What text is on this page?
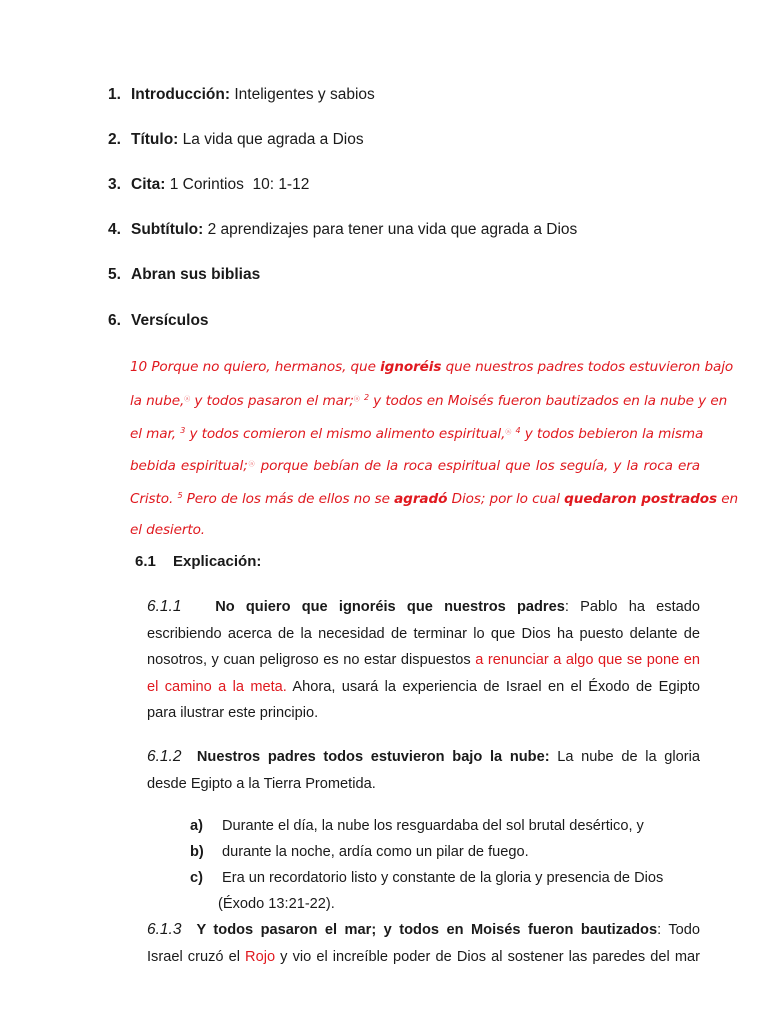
1. Introducción: Inteligentes y sabios
2. Título: La vida que agrada a Dios
3. Cita: 1 Corintios  10: 1-12
4. Subtítulo: 2 aprendizajes para tener una vida que agrada a Dios
5. Abran sus biblias
6. Versículos
10 Porque no quiero, hermanos, que ignoréis que nuestros padres todos estuvieron bajo
la nube,ⓐ y todos pasaron el mar;ⓐ $^2$ y todos en Moisés fueron bautizados en la nube y en
el mar, $^3$ y todos comieron el mismo alimento espiritual,ⓐ $^4$ y todos bebieron la misma
bebida espiritual;ⓐ porque bebían de la roca espiritual que los seguía, y la roca era
Cristo. $^5$ Pero de los más de ellos no se agradó Dios; por lo cual quedaron postrados en
el desierto.
6.1 Explicación:
6.1.1 No quiero que ignoréis que nuestros padres: Pablo ha estado
escribiendo acerca de la necesidad de terminar lo que Dios ha puesto delante de
nosotros, y cuan peligroso es no estar dispuestos a renunciar a algo que se pone en
el camino a la meta. Ahora, usará la experiencia de Israel en el Éxodo de Egipto
para ilustrar este principio.
6.1.2 Nuestros padres todos estuvieron bajo la nube: La nube de la gloria
desde Egipto a la Tierra Prometida.
a) Durante el día, la nube los resguardaba del sol brutal desértico, y
b) durante la noche, ardía como un pilar de fuego.
c) Era un recordatorio listo y constante de la gloria y presencia de Dios
(Éxodo 13:21-22).
6.1.3 Y todos pasaron el mar; y todos en Moisés fueron bautizados: Todo
Israel cruzó el Rojo y vio el increíble poder de Dios al sostener las paredes del mar
